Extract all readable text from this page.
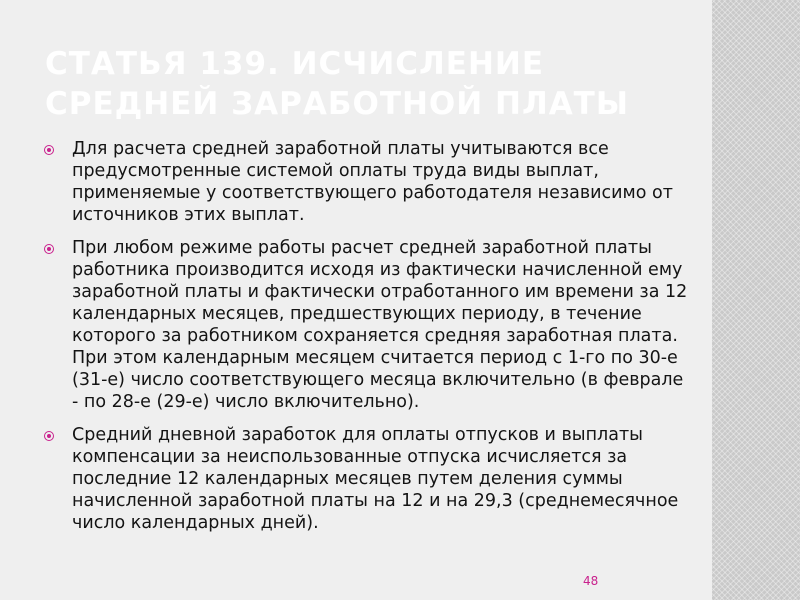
СТАТЬЯ 139. ИСЧИСЛЕНИЕ СРЕДНЕЙ ЗАРАБОТНОЙ ПЛАТЫ
Для расчета средней заработной платы учитываются все предусмотренные системой оплаты труда виды выплат, применяемые у соответствующего работодателя независимо от источников этих выплат.
При любом режиме работы расчет средней заработной платы работника производится исходя из фактически начисленной ему заработной платы и фактически отработанного им времени за 12 календарных месяцев, предшествующих периоду, в течение которого за работником сохраняется средняя заработная плата. При этом календарным месяцем считается период с 1-го по 30-е (31-е) число соответствующего месяца включительно (в феврале - по 28-е (29-е) число включительно).
Средний дневной заработок для оплаты отпусков и выплаты компенсации за неиспользованные отпуска исчисляется за последние 12 календарных месяцев путем деления суммы начисленной заработной платы на 12 и на 29,3 (среднемесячное число календарных дней).
48
